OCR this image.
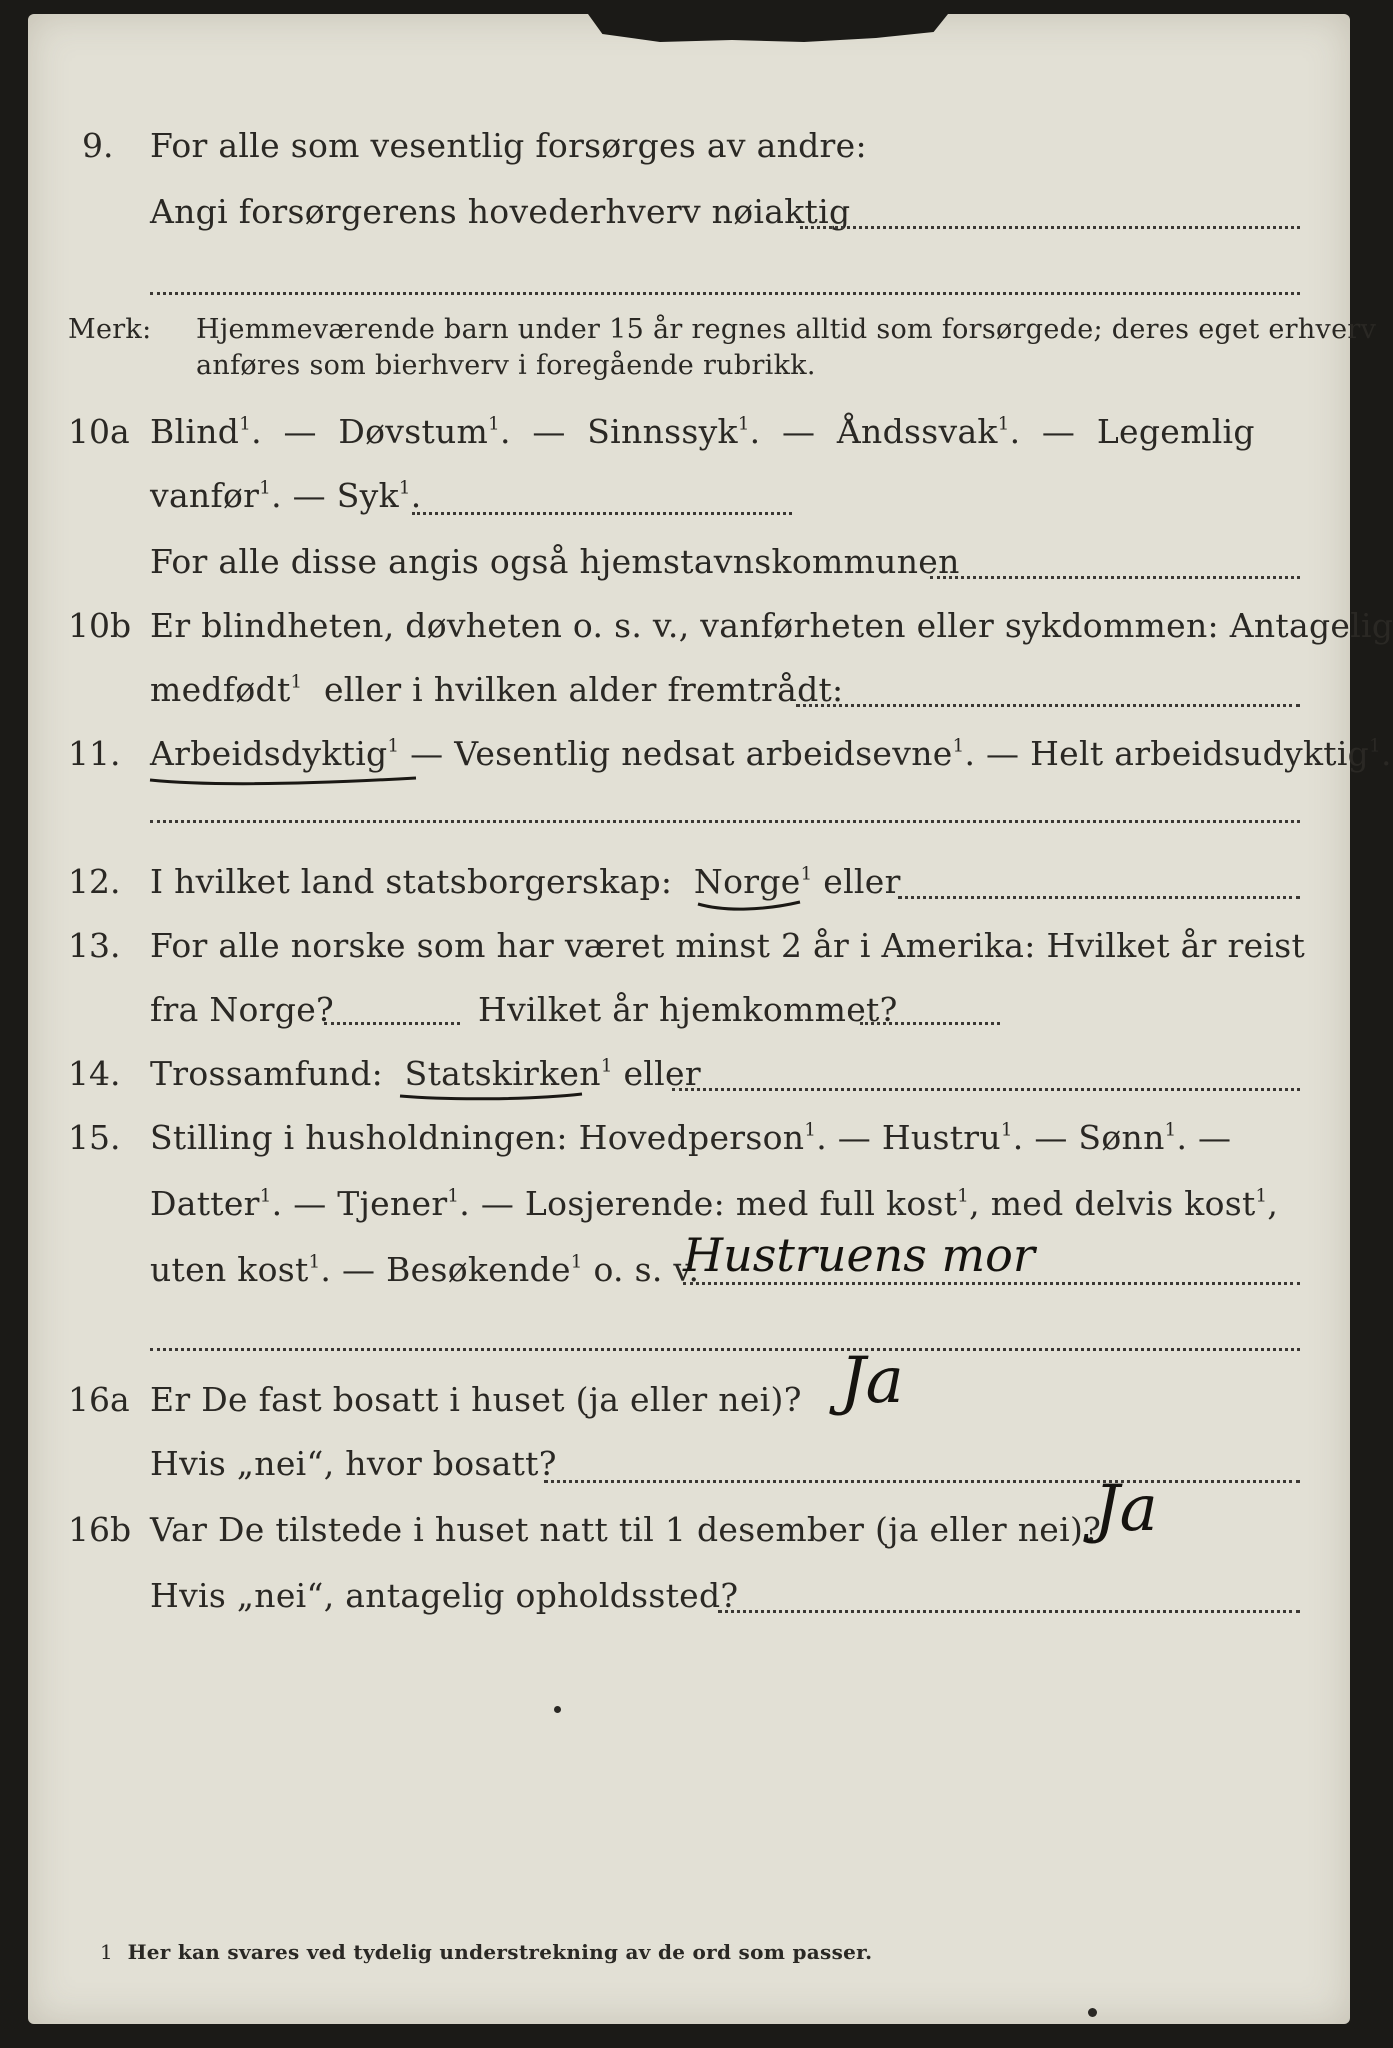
9. For alle som vesentlig forsørges av andre:
Angi forsørgerens hovederhverv nøiaktig
Merk: Hjemmeværende barn under 15 år regnes alltid som forsørgede; deres eget erhverv
anføres som bierhverv i foregående rubrikk.
10a Blind$^1$.  —  Døvstum$^1$.  —  Sinnssyk$^1$.  —  Åndssvak$^1$.  —  Legemlig
vanfør$^1$. — Syk$^1$.
For alle disse angis også hjemstavnskommunen
10b Er blindheten, døvheten o. s. v., vanførheten eller sykdommen: Antagelig
medfødt$^1$ eller i hvilken alder fremtrådt:
11. Arbeidsdyktig$^1$ — Vesentlig nedsat arbeidsevne$^1$. — Helt arbeidsudyktig$^1$.
12. I hvilket land statsborgerskap: Norge$^1$ eller
13. For alle norske som har været minst 2 år i Amerika: Hvilket år reist
fra Norge?	Hvilket år hjemkommet?
14. Trossamfund: Statskirken$^1$ eller
15. Stilling i husholdningen: Hovedperson$^1$. — Hustru$^1$. — Sønn$^1$. —
Datter$^1$. — Tjener$^1$. — Losjerende: med full kost$^1$, med delvis kost$^1$,
uten kost$^1$. — Besøkende$^1$ o. s. v.
Hustruens mor
16a Er De fast bosatt i huset (ja eller nei)? Ja
Hvis „nei“, hvor bosatt?
16b Var De tilstede i huset natt til 1 desember (ja eller nei)?
Ja
Hvis „nei“, antagelig opholdssted?
1 Her kan svares ved tydelig understrekning av de ord som passer.
